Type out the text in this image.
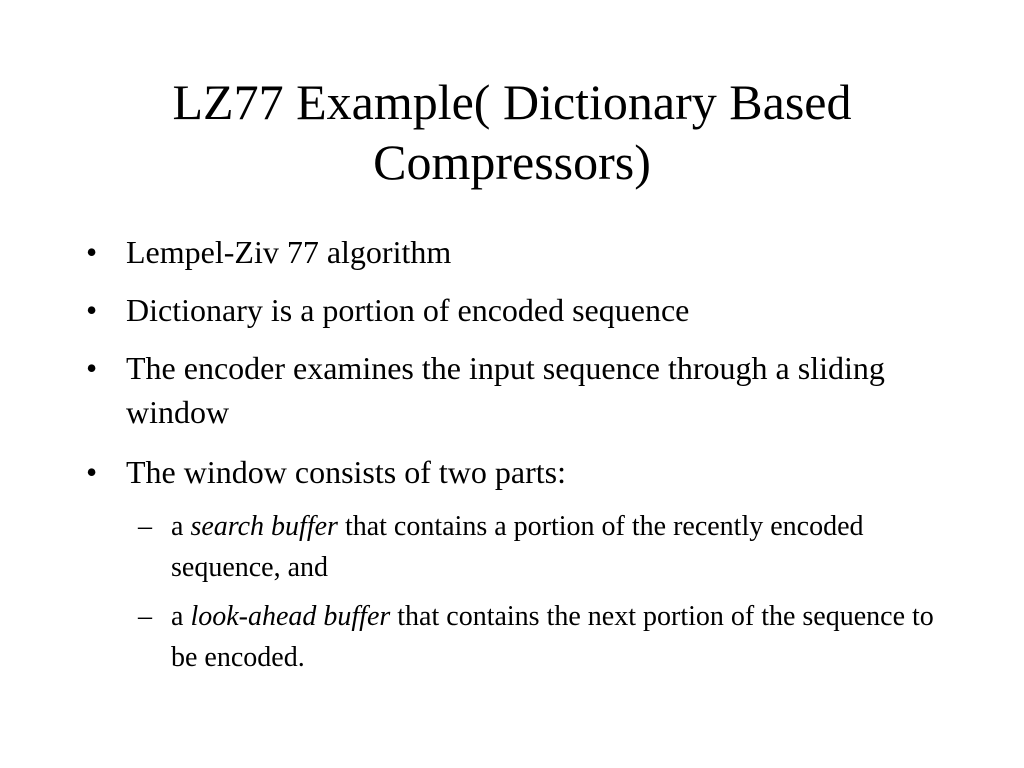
LZ77 Example( Dictionary Based Compressors)
• Lempel-Ziv 77 algorithm
• Dictionary is a portion of encoded sequence
• The encoder examines the input sequence through a sliding window
• The window consists of two parts:
– a search buffer that contains a portion of the recently encoded sequence, and
– a look-ahead buffer that contains the next portion of the sequence to be encoded.
